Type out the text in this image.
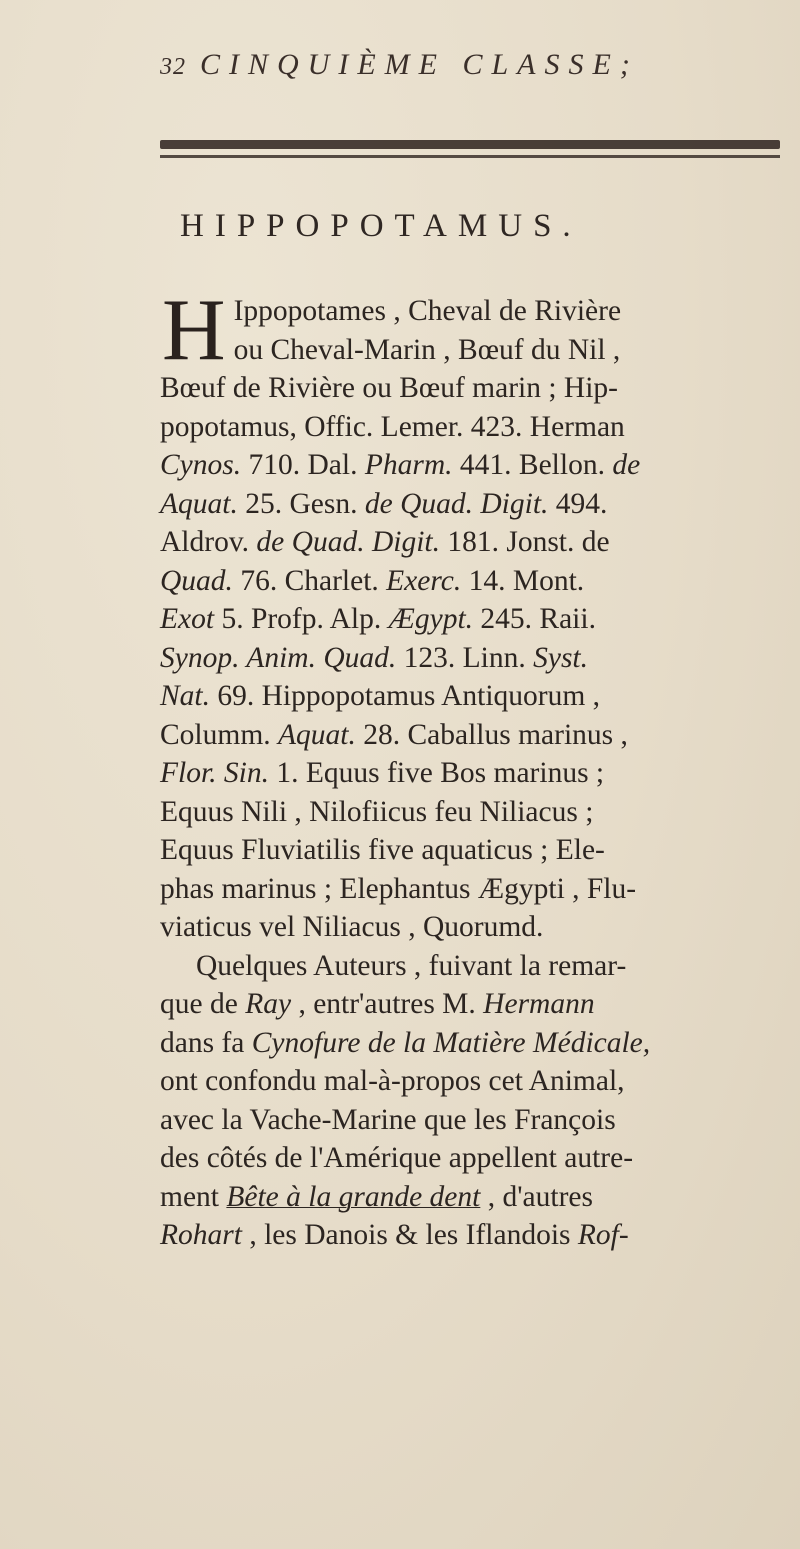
32 CINQUIÈME CLASSE;
HIPPOPOTAMUS.
H Ippopotames , Cheval de Rivière
ou Cheval-Marin , Bœuf du Nil ,
Bœuf de Rivière ou Bœuf marin ; Hip-
popotamus, Offic. Lemer. 423. Herman
Cynos. 710. Dal. Pharm. 441. Bellon. de
Aquat. 25. Gesn. de Quad. Digit. 494.
Aldrov. de Quad. Digit. 181. Jonst. de
Quad. 76. Charlet. Exerc. 14. Mont.
Exot 5. Profp. Alp. Ægypt. 245. Raii.
Synop. Anim. Quad. 123. Linn. Syst.
Nat. 69. Hippopotamus Antiquorum ,
Columm. Aquat. 28. Caballus marinus ,
Flor. Sin. 1. Equus five Bos marinus ;
Equus Nili , Nilofiicus feu Niliacus ;
Equus Fluviatilis five aquaticus ; Ele-
phas marinus ; Elephantus Ægypti , Flu-
viaticus vel Niliacus , Quorumd.
Quelques Auteurs , fuivant la remar-
que de Ray , entr'autres M. Hermann
dans fa Cynofure de la Matière Médicale,
ont confondu mal-à-propos cet Animal,
avec la Vache-Marine que les François
des côtés de l'Amérique appellent autre-
ment Bête à la grande dent , d'autres
Rohart , les Danois & les Iflandois Rof-
